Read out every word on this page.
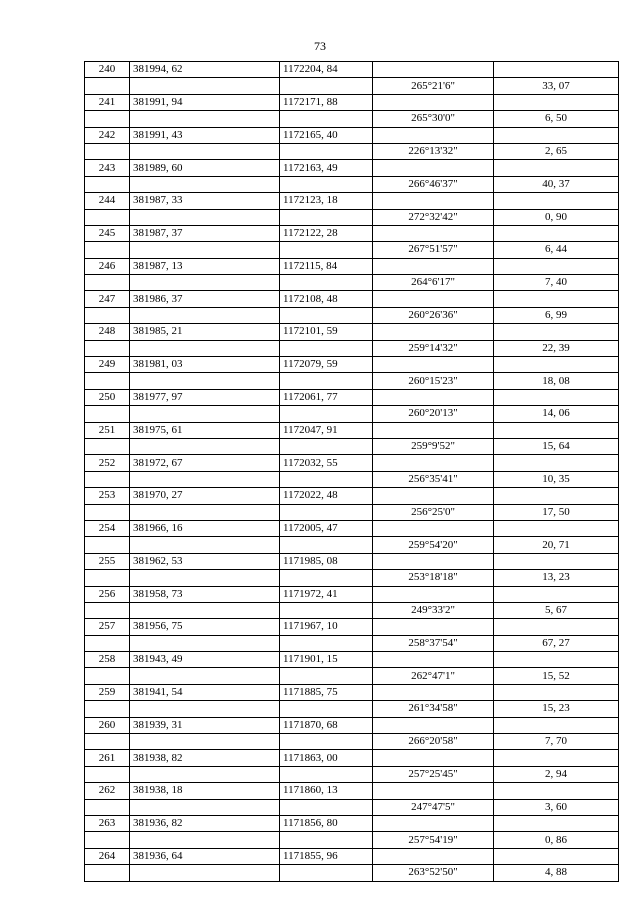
73
240	381994, 62	1172204, 84		
			265°21'6"	33, 07
241	381991, 94	1172171, 88		
			265°30'0"	6, 50
242	381991, 43	1172165, 40		
			226°13'32"	2, 65
243	381989, 60	1172163, 49		
			266°46'37"	40, 37
244	381987, 33	1172123, 18		
			272°32'42"	0, 90
245	381987, 37	1172122, 28		
			267°51'57"	6, 44
246	381987, 13	1172115, 84		
			264°6'17"	7, 40
247	381986, 37	1172108, 48		
			260°26'36"	6, 99
248	381985, 21	1172101, 59		
			259°14'32"	22, 39
249	381981, 03	1172079, 59		
			260°15'23"	18, 08
250	381977, 97	1172061, 77		
			260°20'13"	14, 06
251	381975, 61	1172047, 91		
			259°9'52"	15, 64
252	381972, 67	1172032, 55		
			256°35'41"	10, 35
253	381970, 27	1172022, 48		
			256°25'0"	17, 50
254	381966, 16	1172005, 47		
			259°54'20"	20, 71
255	381962, 53	1171985, 08		
			253°18'18"	13, 23
256	381958, 73	1171972, 41		
			249°33'2"	5, 67
257	381956, 75	1171967, 10		
			258°37'54"	67, 27
258	381943, 49	1171901, 15		
			262°47'1"	15, 52
259	381941, 54	1171885, 75		
			261°34'58"	15, 23
260	381939, 31	1171870, 68		
			266°20'58"	7, 70
261	381938, 82	1171863, 00		
			257°25'45"	2, 94
262	381938, 18	1171860, 13		
			247°47'5"	3, 60
263	381936, 82	1171856, 80		
			257°54'19"	0, 86
264	381936, 64	1171855, 96		
			263°52'50"	4, 88
